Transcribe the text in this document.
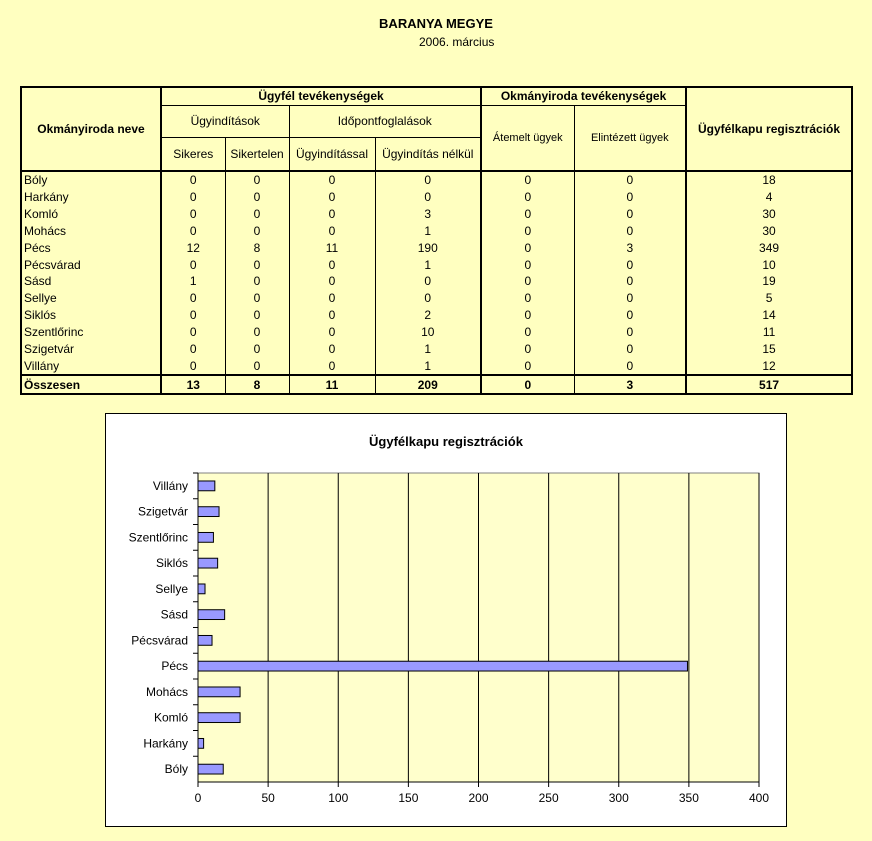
BARANYA MEGYE
2006. március
Okmányiroda neve	Ügyfél tevékenységek				Okmányiroda tevékenységek		Ügyfélkapu regisztrációk
	Ügyindítások		Időpontfoglalások		Átemelt ügyek	Elintézett ügyek	
	Sikeres	Sikertelen	Ügyindítással	Ügyindítás nélkül			
Bóly	0	0	0	0	0	0	18
Harkány	0	0	0	0	0	0	4
Komló	0	0	0	3	0	0	30
Mohács	0	0	0	1	0	0	30
Pécs	12	8	11	190	0	3	349
Pécsvárad	0	0	0	1	0	0	10
Sásd	1	0	0	0	0	0	19
Sellye	0	0	0	0	0	0	5
Siklós	0	0	0	2	0	0	14
Szentlőrinc	0	0	0	10	0	0	11
Szigetvár	0	0	0	1	0	0	15
Villány	0	0	0	1	0	0	12
Összesen	13	8	11	209	0	3	517
Ügyfélkapu regisztrációk
0	50	100	150	200	250	300	350	400
Villány
Szigetvár
Szentlőrinc
Siklós
Sellye
Sásd
Pécsvárad
Pécs
Mohács
Komló
Harkány
Bóly
